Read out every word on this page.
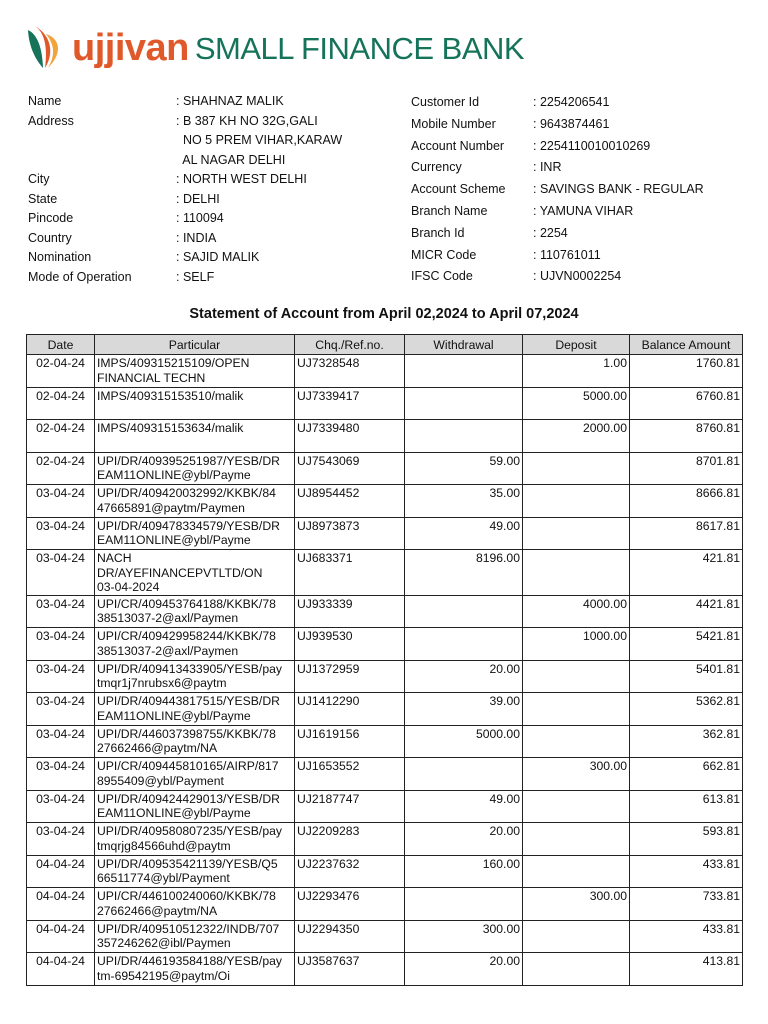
ujjivan SMALL FINANCE BANK
Name	: SHAHNAZ MALIK
Address	: B 387 KH NO 32G,GALI
NO 5 PREM VIHAR,KARAW
AL NAGAR DELHI
City	: NORTH WEST DELHI
State	: DELHI
Pincode	: 110094
Country	: INDIA
Nomination	: SAJID MALIK
Mode of Operation	: SELF
Customer Id	: 2254206541
Mobile Number	: 9643874461
Account Number	: 2254110010010269
Currency	: INR
Account Scheme	: SAVINGS BANK - REGULAR
Branch Name	: YAMUNA VIHAR
Branch Id	: 2254
MICR Code	: 110761011
IFSC Code	: UJVN0002254
Statement of Account from April 02,2024 to April 07,2024
Date	Particular	Chq./Ref.no.	Withdrawal	Deposit	Balance Amount
02-04-24	IMPS/409315215109/OPEN
FINANCIAL TECHN	UJ7328548		1.00	1760.81
02-04-24	IMPS/409315153510/malik	UJ7339417		5000.00	6760.81
02-04-24	IMPS/409315153634/malik	UJ7339480		2000.00	8760.81
02-04-24	UPI/DR/409395251987/YESB/DR
EAM11ONLINE@ybl/Payme	UJ7543069	59.00		8701.81
03-04-24	UPI/DR/409420032992/KKBK/84
47665891@paytm/Paymen	UJ8954452	35.00		8666.81
03-04-24	UPI/DR/409478334579/YESB/DR
EAM11ONLINE@ybl/Payme	UJ8973873	49.00		8617.81
03-04-24	NACH
DR/AYEFINANCEPVTLTD/ON
03-04-2024	UJ683371	8196.00		421.81
03-04-24	UPI/CR/409453764188/KKBK/78
38513037-2@axl/Paymen	UJ933339		4000.00	4421.81
03-04-24	UPI/CR/409429958244/KKBK/78
38513037-2@axl/Paymen	UJ939530		1000.00	5421.81
03-04-24	UPI/DR/409413433905/YESB/pay
tmqr1j7nrubsx6@paytm	UJ1372959	20.00		5401.81
03-04-24	UPI/DR/409443817515/YESB/DR
EAM11ONLINE@ybl/Payme	UJ1412290	39.00		5362.81
03-04-24	UPI/DR/446037398755/KKBK/78
27662466@paytm/NA	UJ1619156	5000.00		362.81
03-04-24	UPI/CR/409445810165/AIRP/817
8955409@ybl/Payment	UJ1653552		300.00	662.81
03-04-24	UPI/DR/409424429013/YESB/DR
EAM11ONLINE@ybl/Payme	UJ2187747	49.00		613.81
03-04-24	UPI/DR/409580807235/YESB/pay
tmqrjg84566uhd@paytm	UJ2209283	20.00		593.81
04-04-24	UPI/DR/409535421139/YESB/Q5
66511774@ybl/Payment	UJ2237632	160.00		433.81
04-04-24	UPI/CR/446100240060/KKBK/78
27662466@paytm/NA	UJ2293476		300.00	733.81
04-04-24	UPI/DR/409510512322/INDB/707
357246262@ibl/Paymen	UJ2294350	300.00		433.81
04-04-24	UPI/DR/446193584188/YESB/pay
tm-69542195@paytm/Oi	UJ3587637	20.00		413.81
